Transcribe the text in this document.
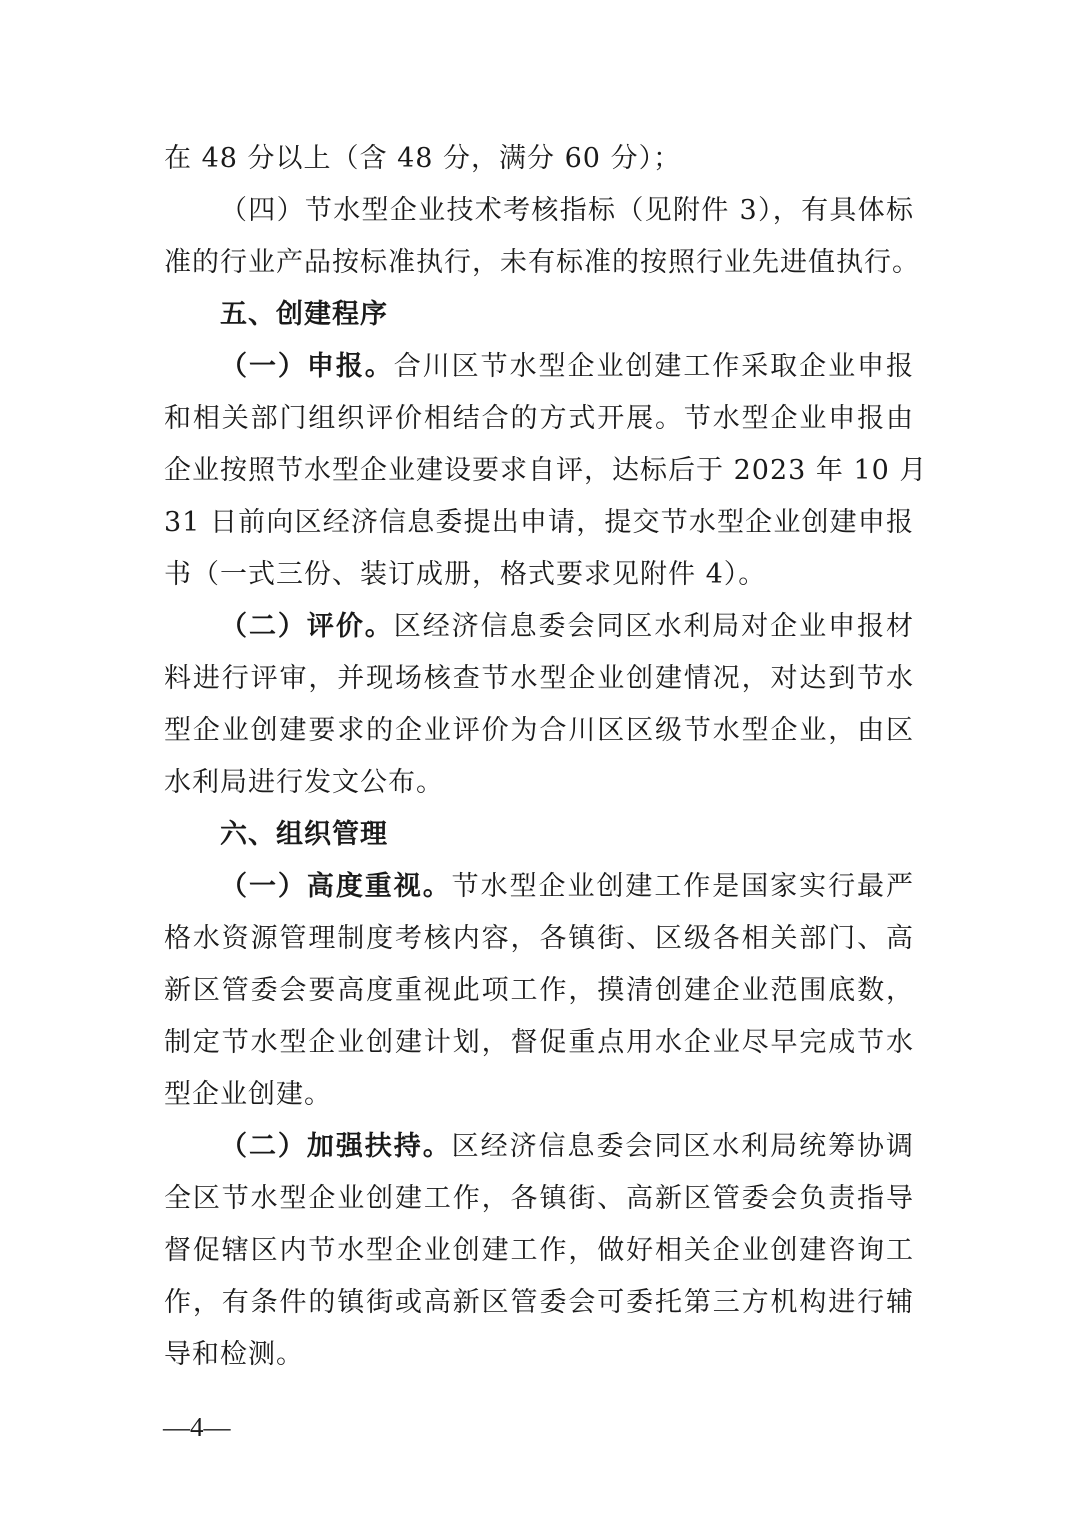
在 48 分以上（含 48 分，满分 60 分）；
（四）节水型企业技术考核指标（见附件 3），有具体标
准的行业产品按标准执行，未有标准的按照行业先进值执行。
五、创建程序
（一）申报。合川区节水型企业创建工作采取企业申报
和相关部门组织评价相结合的方式开展。节水型企业申报由
企业按照节水型企业建设要求自评，达标后于 2023 年 10 月
31 日前向区经济信息委提出申请，提交节水型企业创建申报
书（一式三份、装订成册，格式要求见附件 4）。
（二）评价。区经济信息委会同区水利局对企业申报材
料进行评审，并现场核查节水型企业创建情况，对达到节水
型企业创建要求的企业评价为合川区区级节水型企业，由区
水利局进行发文公布。
六、组织管理
（一）高度重视。节水型企业创建工作是国家实行最严
格水资源管理制度考核内容，各镇街、区级各相关部门、高
新区管委会要高度重视此项工作，摸清创建企业范围底数，
制定节水型企业创建计划，督促重点用水企业尽早完成节水
型企业创建。
（二）加强扶持。区经济信息委会同区水利局统筹协调
全区节水型企业创建工作，各镇街、高新区管委会负责指导
督促辖区内节水型企业创建工作，做好相关企业创建咨询工
作，有条件的镇街或高新区管委会可委托第三方机构进行辅
导和检测。
—4—
